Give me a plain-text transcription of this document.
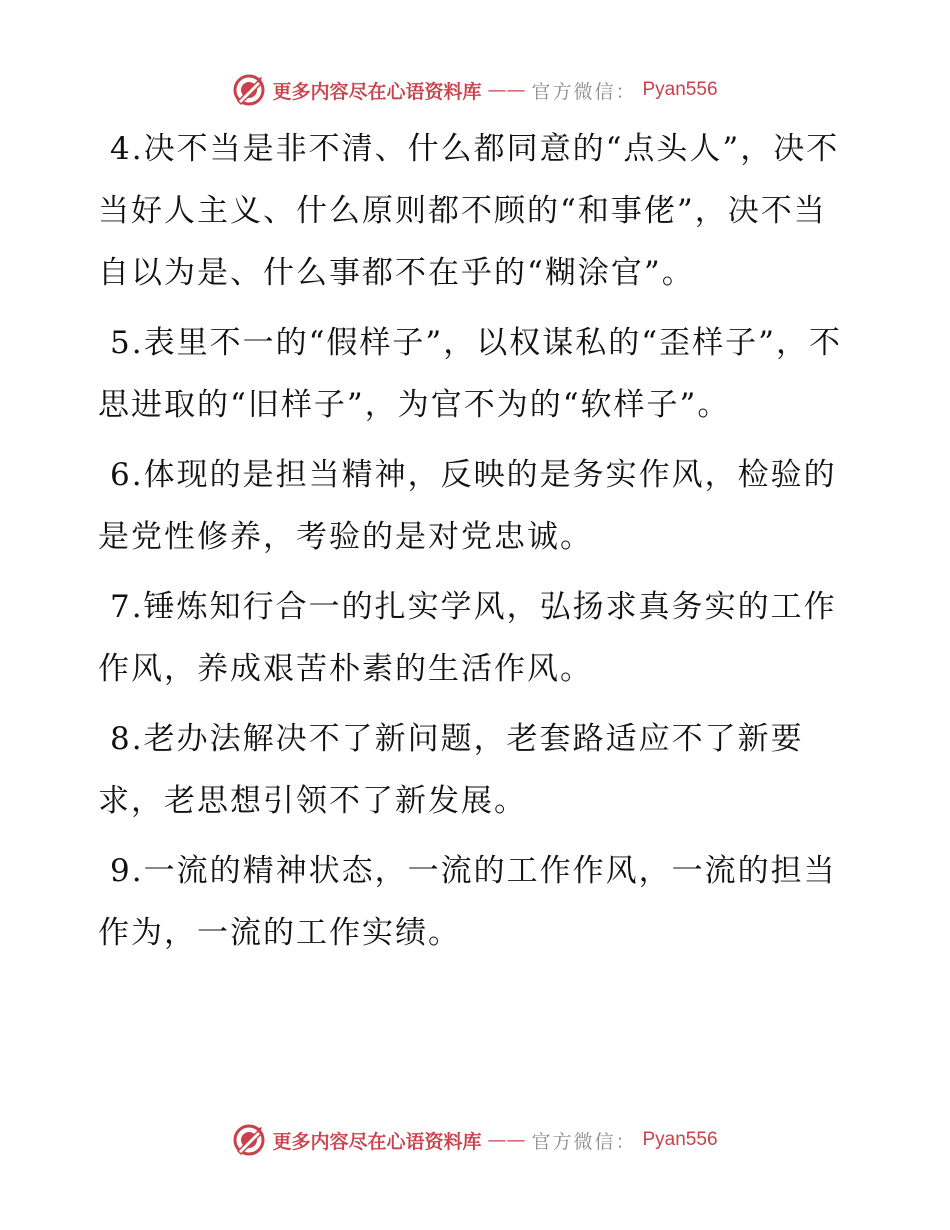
更多内容尽在心语资料库 —— 官方微信： Pyan556

4.决不当是非不清、什么都同意的“点头人”，决不当好人主义、什么原则都不顾的“和事佬”，决不当自以为是、什么事都不在乎的“糊涂官”。

5.表里不一的“假样子”，以权谋私的“歪样子”，不思进取的“旧样子”，为官不为的“软样子”。

6.体现的是担当精神，反映的是务实作风，检验的是党性修养，考验的是对党忠诚。

7.锤炼知行合一的扎实学风，弘扬求真务实的工作作风，养成艰苦朴素的生活作风。

8.老办法解决不了新问题，老套路适应不了新要求，老思想引领不了新发展。

9.一流的精神状态，一流的工作作风，一流的担当作为，一流的工作实绩。

更多内容尽在心语资料库 —— 官方微信： Pyan556
